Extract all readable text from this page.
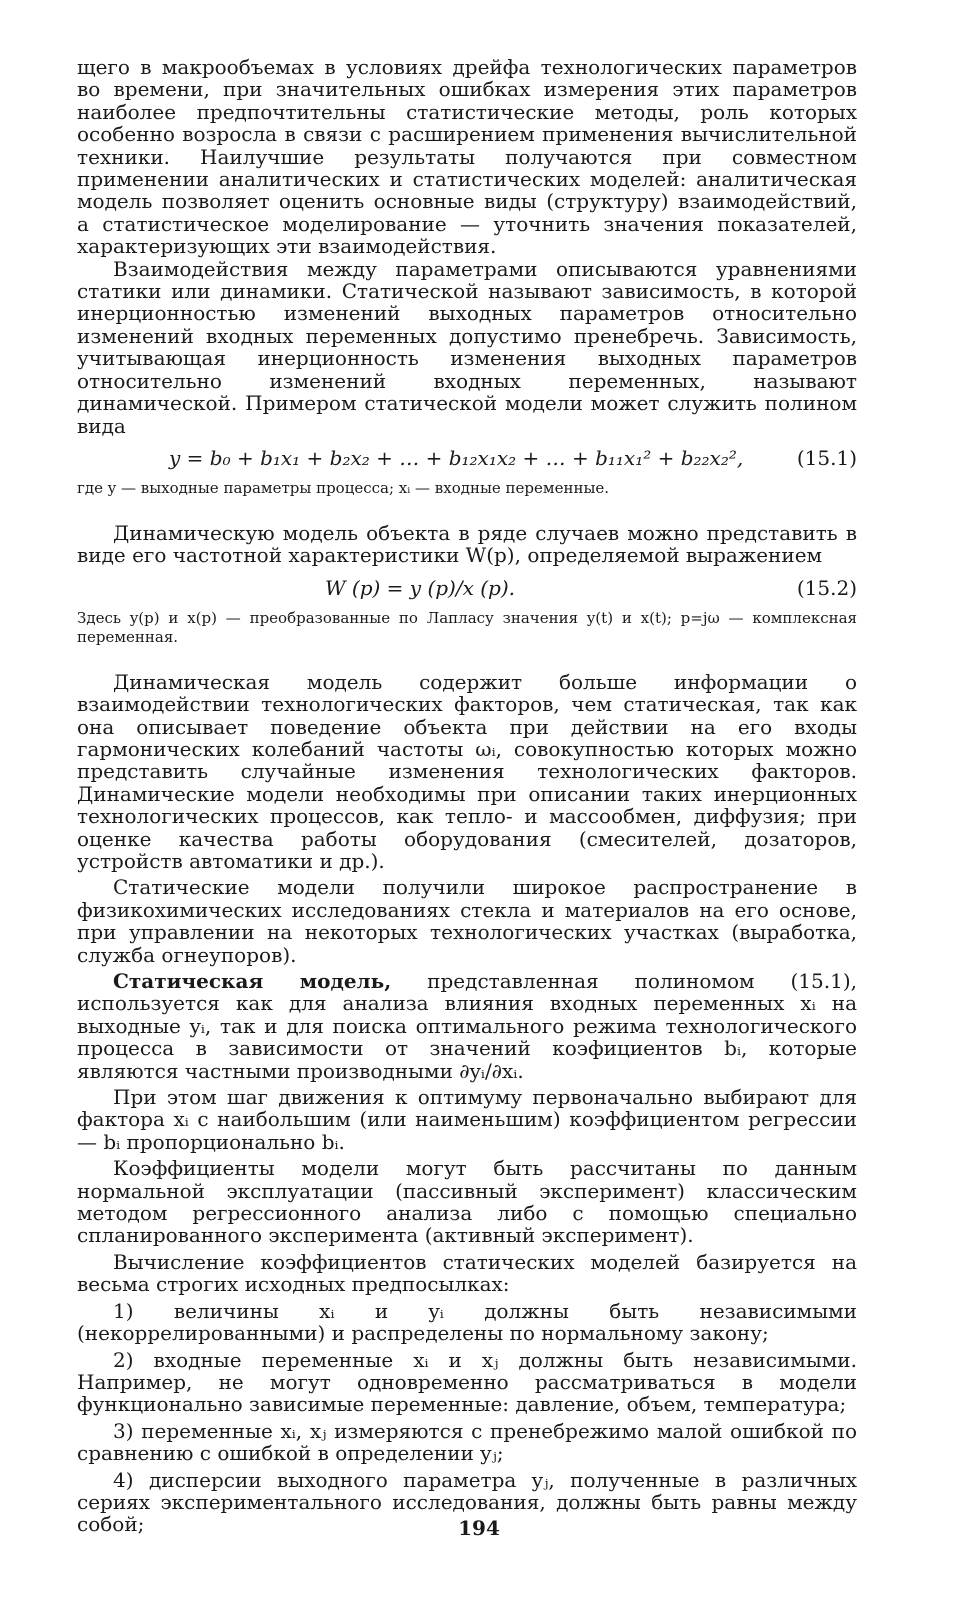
щего в макрообъемах в условиях дрейфа технологических параметров во времени, при значительных ошибках измерения этих параметров наиболее предпочтительны статистические методы, роль которых особенно возросла в связи с расширением применения вычислительной техники. Наилучшие результаты получаются при совместном применении аналитических и статистических моделей: аналитическая модель позволяет оценить основные виды (структуру) взаимодействий, а статистическое моделирование — уточнить значения показателей, характеризующих эти взаимодействия.

Взаимодействия между параметрами описываются уравнениями статики или динамики. Статической называют зависимость, в которой инерционностью изменений выходных параметров относительно изменений входных переменных допустимо пренебречь. Зависимость, учитывающая инерционность изменения выходных параметров относительно изменений входных переменных, называют динамической. Примером статической модели может служить полином вида

y = b₀ + b₁x₁ + b₂x₂ + … + b₁₂x₁x₂ + … + b₁₁x₁² + b₂₂x₂²,	(15.1)

где y — выходные параметры процесса; xᵢ — входные переменные.

Динамическую модель объекта в ряде случаев можно представить в виде его частотной характеристики W(p), определяемой выражением

W (p) = y (p)/x (p).	(15.2)

Здесь y(p) и x(p) — преобразованные по Лапласу значения y(t) и x(t); p=jω — комплексная переменная.

Динамическая модель содержит больше информации о взаимодействии технологических факторов, чем статическая, так как она описывает поведение объекта при действии на его входы гармонических колебаний частоты ωᵢ, совокупностью которых можно представить случайные изменения технологических факторов. Динамические модели необходимы при описании таких инерционных технологических процессов, как тепло- и массообмен, диффузия; при оценке качества работы оборудования (смесителей, дозаторов, устройств автоматики и др.).

Статические модели получили широкое распространение в физикохимических исследованиях стекла и материалов на его основе, при управлении на некоторых технологических участках (выработка, служба огнеупоров).

Статическая модель, представленная полиномом (15.1), используется как для анализа влияния входных переменных xᵢ на выходные yᵢ, так и для поиска оптимального режима технологического процесса в зависимости от значений коэфициентов bᵢ, которые являются частными производными ∂yᵢ/∂xᵢ.

При этом шаг движения к оптимуму первоначально выбирают для фактора xᵢ с наибольшим (или наименьшим) коэффициентом регрессии — bᵢ пропорционально bᵢ.

Коэффициенты модели могут быть рассчитаны по данным нормальной эксплуатации (пассивный эксперимент) классическим методом регрессионного анализа либо с помощью специально спланированного эксперимента (активный эксперимент).

Вычисление коэффициентов статических моделей базируется на весьма строгих исходных предпосылках:

1) величины xᵢ и yᵢ должны быть независимыми (некоррелированными) и распределены по нормальному закону;

2) входные переменные xᵢ и xⱼ должны быть независимыми. Например, не могут одновременно рассматриваться в модели функционально зависимые переменные: давление, объем, температура;

3) переменные xᵢ, xⱼ измеряются с пренебрежимо малой ошибкой по сравнению с ошибкой в определении yⱼ;

4) дисперсии выходного параметра yⱼ, полученные в различных сериях экспериментального исследования, должны быть равны между собой;	194
